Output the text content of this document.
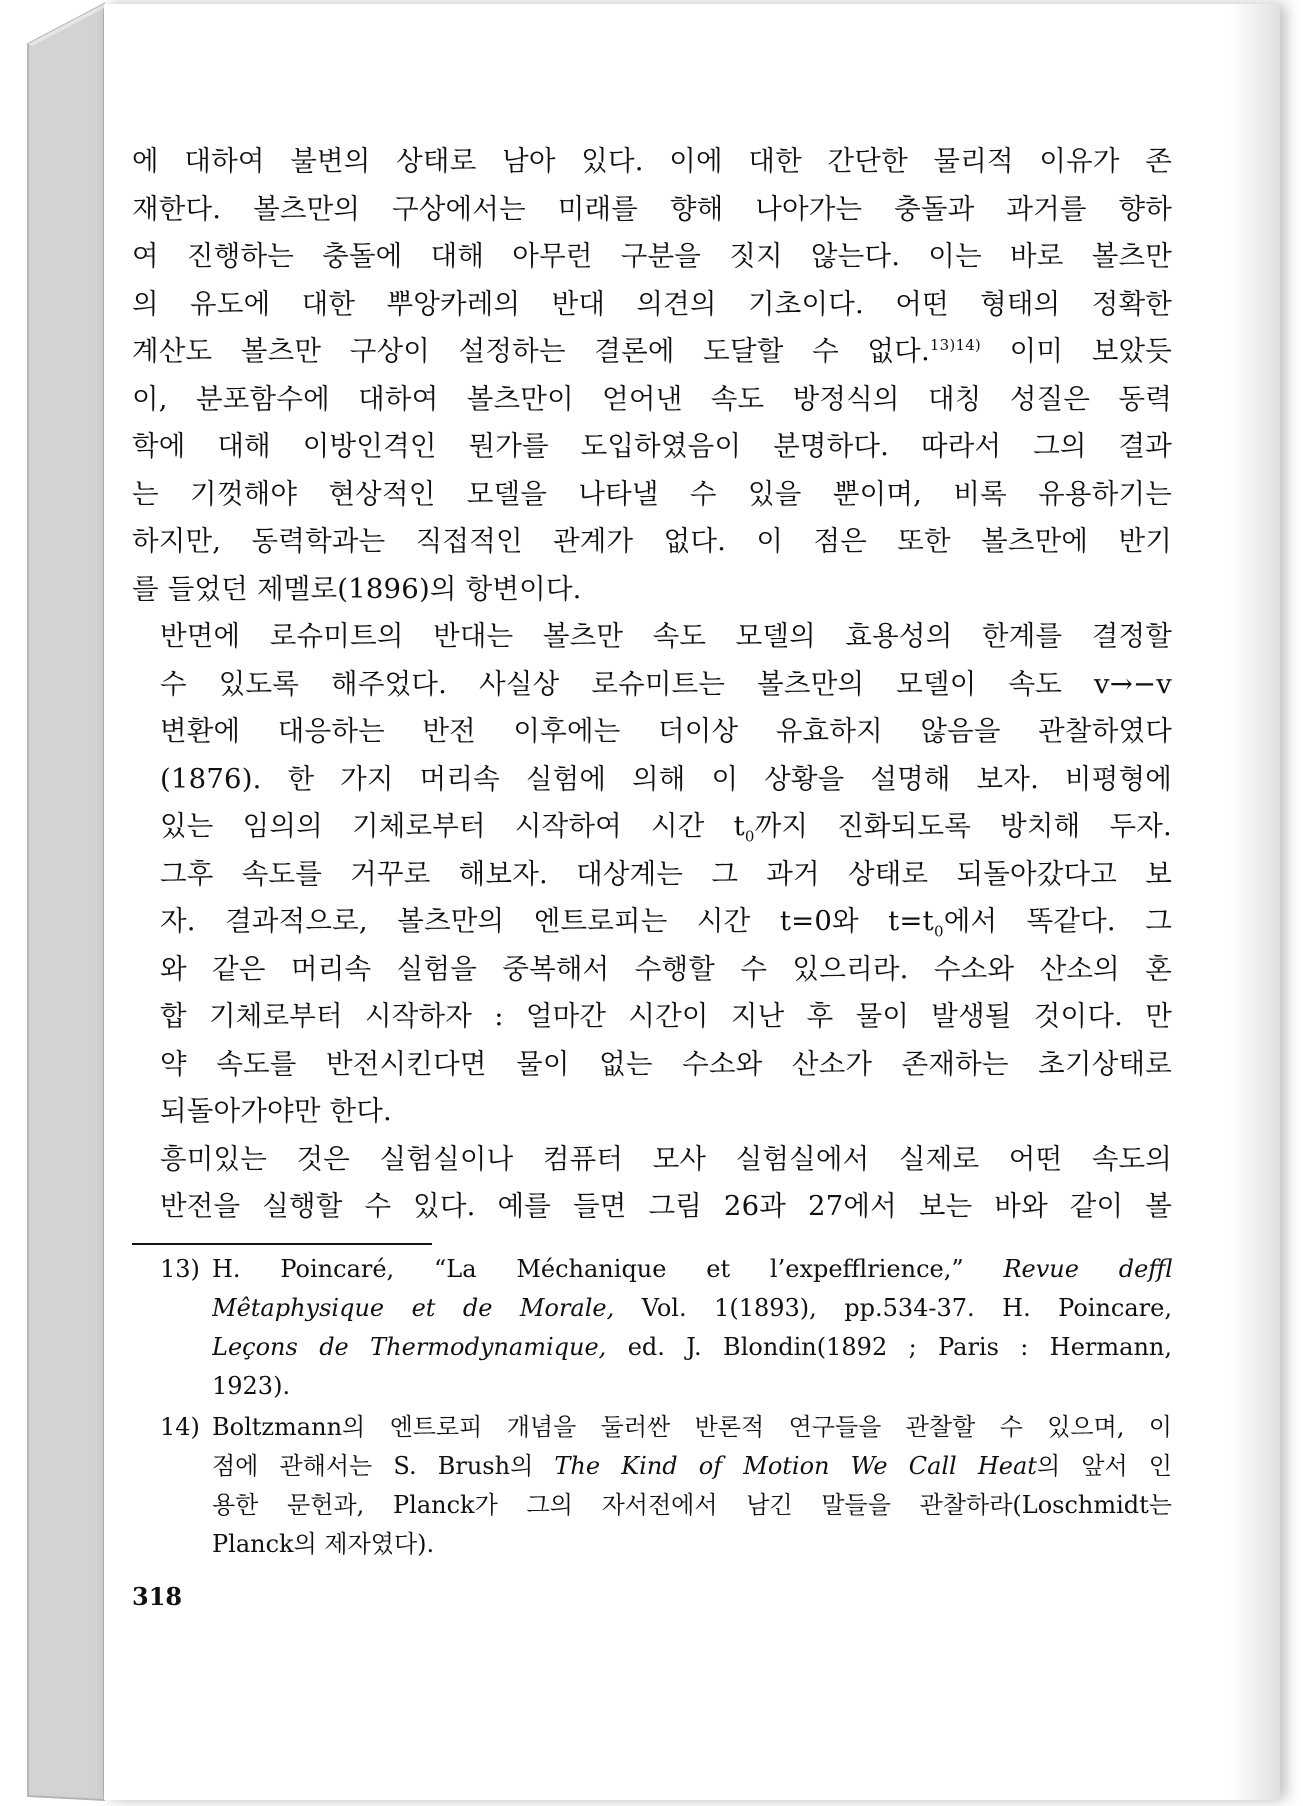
에 대하여 불변의 상태로 남아 있다. 이에 대한 간단한 물리적 이유가 존
재한다. 볼츠만의 구상에서는 미래를 향해 나아가는 충돌과 과거를 향하
여 진행하는 충돌에 대해 아무런 구분을 짓지 않는다. 이는 바로 볼츠만
의 유도에 대한 뿌앙카레의 반대 의견의 기초이다. 어떤 형태의 정확한
계산도 볼츠만 구상이 설정하는 결론에 도달할 수 없다.$^{13)14)}$ 이미 보았듯
이, 분포함수에 대하여 볼츠만이 얻어낸 속도 방정식의 대칭 성질은 동력
학에 대해 이방인격인 뭔가를 도입하였음이 분명하다. 따라서 그의 결과
는 기껏해야 현상적인 모델을 나타낼 수 있을 뿐이며, 비록 유용하기는
하지만, 동력학과는 직접적인 관계가 없다. 이 점은 또한 볼츠만에 반기
를 들었던 제멜로(1896)의 항변이다.

반면에 로슈미트의 반대는 볼츠만 속도 모델의 효용성의 한계를 결정할
수 있도록 해주었다. 사실상 로슈미트는 볼츠만의 모델이 속도 v→−v
변환에 대응하는 반전 이후에는 더이상 유효하지 않음을 관찰하였다
(1876). 한 가지 머리속 실험에 의해 이 상황을 설명해 보자. 비평형에
있는 임의의 기체로부터 시작하여 시간 $t_0$까지 진화되도록 방치해 두자.
그후 속도를 거꾸로 해보자. 대상계는 그 과거 상태로 되돌아갔다고 보
자. 결과적으로, 볼츠만의 엔트로피는 시간 t=0와 $t=t_0$에서 똑같다. 그
와 같은 머리속 실험을 중복해서 수행할 수 있으리라. 수소와 산소의 혼
합 기체로부터 시작하자 : 얼마간 시간이 지난 후 물이 발생될 것이다. 만
약 속도를 반전시킨다면 물이 없는 수소와 산소가 존재하는 초기상태로
되돌아가야만 한다.

흥미있는 것은 실험실이나 컴퓨터 모사 실험실에서 실제로 어떤 속도의
반전을 실행할 수 있다. 예를 들면 그림 26과 27에서 보는 바와 같이 볼

13) H. Poincaré, “La Méchanique et l’expefflrience,” Revue deffl
Mêtaphysique et de Morale, Vol. 1(1893), pp.534-37. H. Poincare,
Leçons de Thermodynamique, ed. J. Blondin(1892 ; Paris : Hermann,
1923).
14) Boltzmann의 엔트로피 개념을 둘러싼 반론적 연구들을 관찰할 수 있으며, 이
점에 관해서는 S. Brush의 The Kind of Motion We Call Heat의 앞서 인
용한 문헌과, Planck가 그의 자서전에서 남긴 말들을 관찰하라(Loschmidt는
Planck의 제자였다).
318
